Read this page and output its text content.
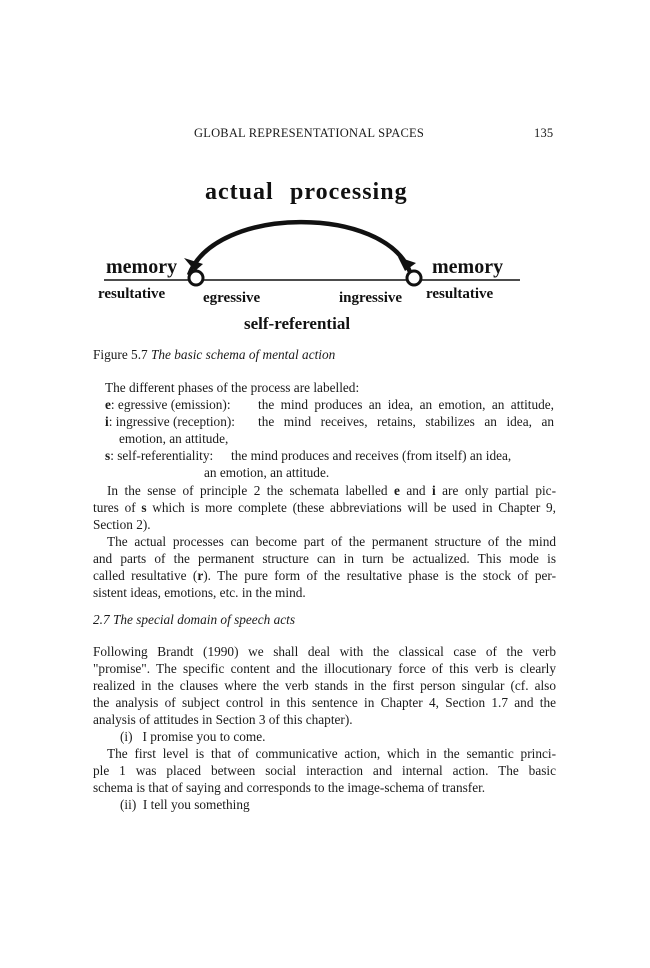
GLOBAL REPRESENTATIONAL SPACES	135
actual processing
memory	memory
resultative	resultative
egressive	ingressive
self-referential
Figure 5.7 The basic schema of mental action
The different phases of the process are labelled:
e: egressive (emission): the mind produces an idea, an emotion, an attitude,
i: ingressive (reception): the mind receives, retains, stabilizes an idea, an
emotion, an attitude,
s: self-referentiality: the mind produces and receives (from itself) an idea,
an emotion, an attitude.
In the sense of principle 2 the schemata labelled e and i are only partial pic-
tures of s which is more complete (these abbreviations will be used in Chapter 9,
Section 2).
The actual processes can become part of the permanent structure of the mind
and parts of the permanent structure can in turn be actualized. This mode is
called resultative (r). The pure form of the resultative phase is the stock of per-
sistent ideas, emotions, etc. in the mind.
2.7 The special domain of speech acts
Following Brandt (1990) we shall deal with the classical case of the verb
"promise". The specific content and the illocutionary force of this verb is clearly
realized in the clauses where the verb stands in the first person singular (cf. also
the analysis of subject control in this sentence in Chapter 4, Section 1.7 and the
analysis of attitudes in Section 3 of this chapter).
(i)   I promise you to come.
The first level is that of communicative action, which in the semantic princi-
ple 1 was placed between social interaction and internal action. The basic
schema is that of saying and corresponds to the image-schema of transfer.
(ii)  I tell you something
